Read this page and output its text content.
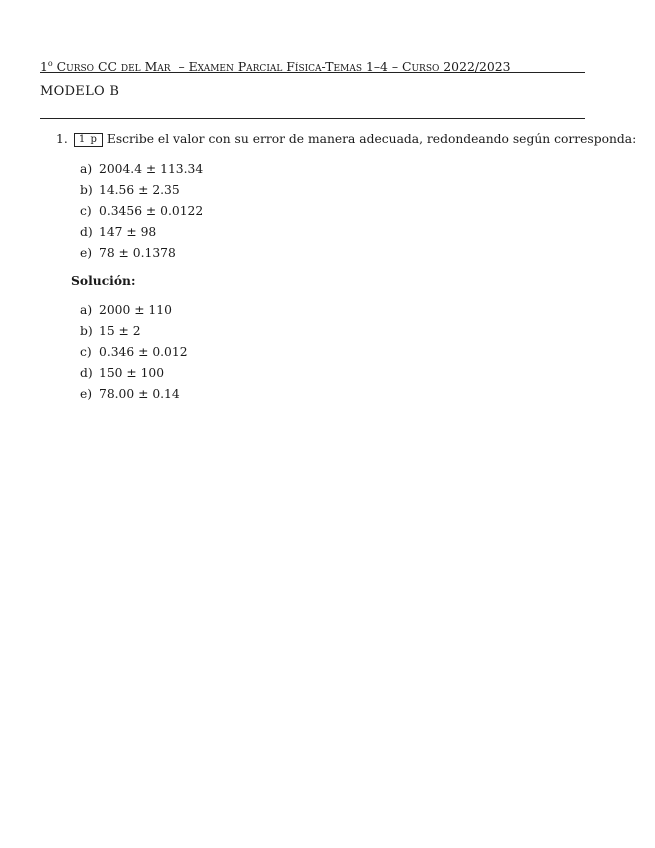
1$^o$ Curso CC del Mar – Examen Parcial Física-Temas 1–4 – Curso 2022/2023
MODELO B
1. 1 p Escribe el valor con su error de manera adecuada, redondeando según corresponda:
a) 2004.4 ± 113.34
b) 14.56 ± 2.35
c) 0.3456 ± 0.0122
d) 147 ± 98
e) 78 ± 0.1378
Solución:
a) 2000 ± 110
b) 15 ± 2
c) 0.346 ± 0.012
d) 150 ± 100
e) 78.00 ± 0.14
